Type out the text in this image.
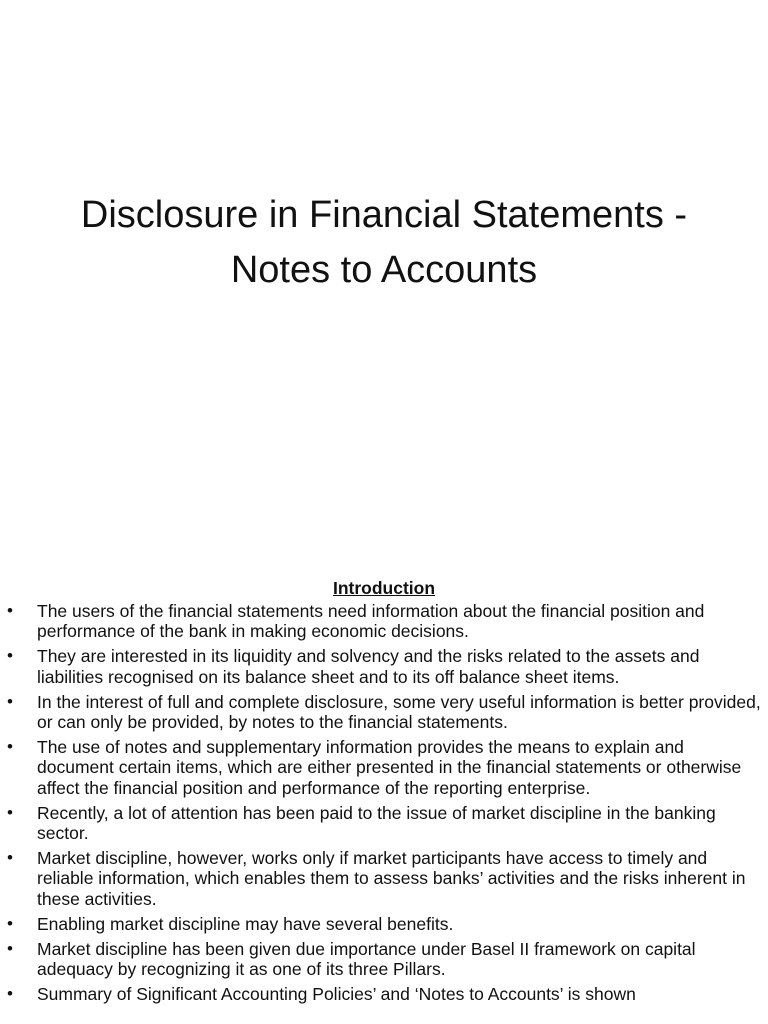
Disclosure in Financial Statements -
Notes to Accounts
Introduction
• The users of the financial statements need information about the financial position and performance of the bank in making economic decisions.
• They are interested in its liquidity and solvency and the risks related to the assets and liabilities recognised on its balance sheet and to its off balance sheet items.
• In the interest of full and complete disclosure, some very useful information is better provided, or can only be provided, by notes to the financial statements.
• The use of notes and supplementary information provides the means to explain and document certain items, which are either presented in the financial statements or otherwise affect the financial position and performance of the reporting enterprise.
• Recently, a lot of attention has been paid to the issue of market discipline in the banking sector.
• Market discipline, however, works only if market participants have access to timely and reliable information, which enables them to assess banks’ activities and the risks inherent in these activities.
• Enabling market discipline may have several benefits.
• Market discipline has been given due importance under Basel II framework on capital adequacy by recognizing it as one of its three Pillars.
• Summary of Significant Accounting Policies’ and ‘Notes to Accounts’ is shown
